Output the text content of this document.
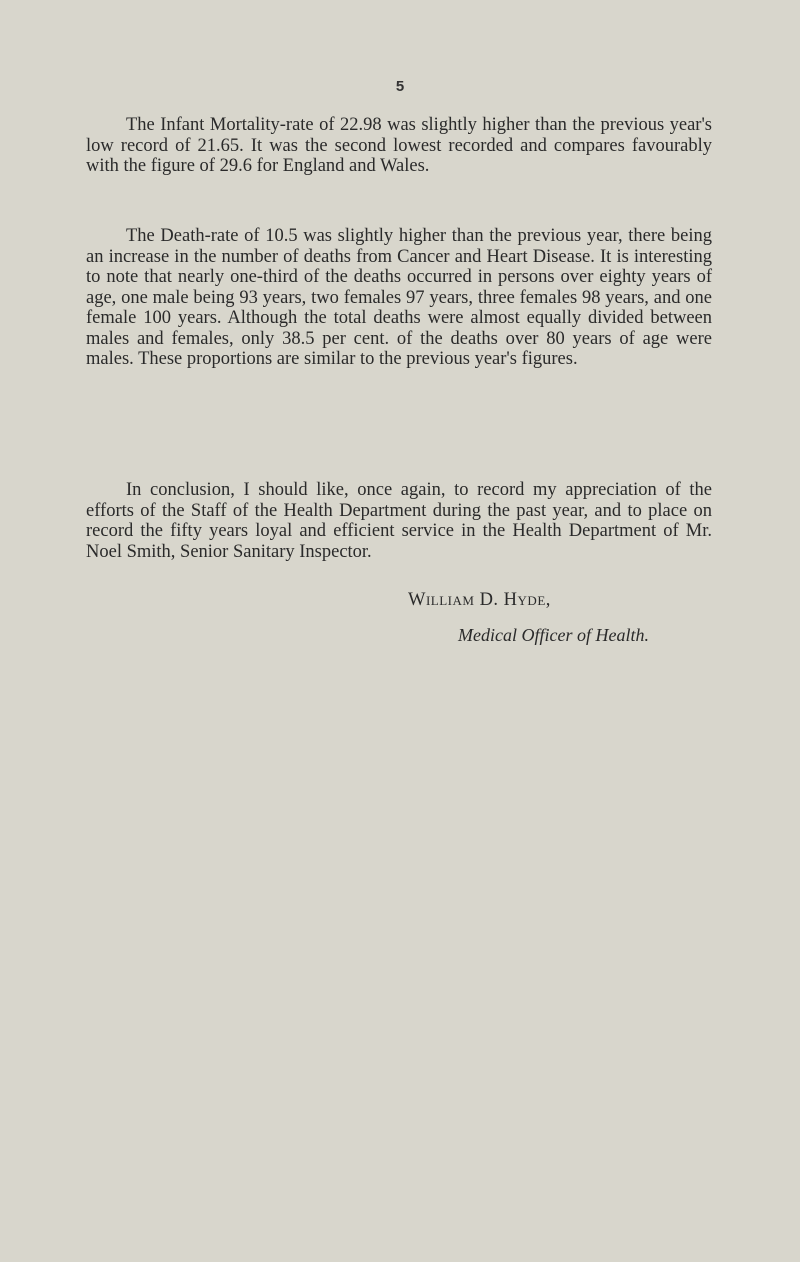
5

The Infant Mortality-rate of 22.98 was slightly higher than the previous year's low record of 21.65. It was the second lowest recorded and compares favourably with the figure of 29.6 for England and Wales.

The Death-rate of 10.5 was slightly higher than the previous year, there being an increase in the number of deaths from Cancer and Heart Disease. It is interesting to note that nearly one-third of the deaths occurred in persons over eighty years of age, one male being 93 years, two females 97 years, three females 98 years, and one female 100 years. Although the total deaths were almost equally divided between males and females, only 38.5 per cent. of the deaths over 80 years of age were males. These proportions are similar to the previous year's figures.

In conclusion, I should like, once again, to record my appreciation of the efforts of the Staff of the Health Department during the past year, and to place on record the fifty years loyal and efficient service in the Health Department of Mr. Noel Smith, Senior Sanitary Inspector.

William D. Hyde,
Medical Officer of Health.
